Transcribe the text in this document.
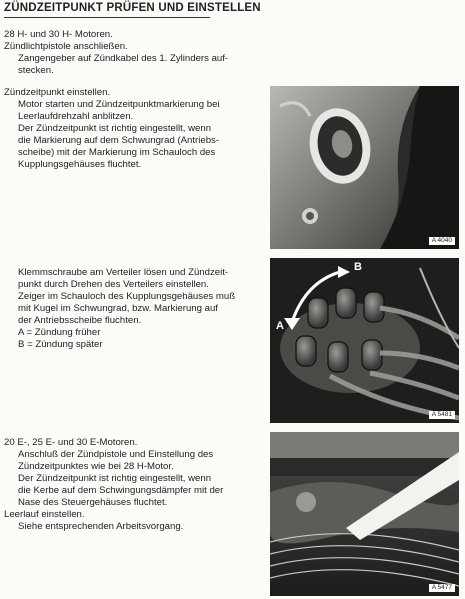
ZÜNDZEITPUNKT PRÜFEN UND EINSTELLEN

28 H- und 30 H- Motoren.

Zündlichtpistole anschließen.

Zangengeber auf Zündkabel des 1. Zylinders auf-

stecken.

Zündzeitpunkt einstellen.

Motor starten und Zündzeitpunktmarkierung bei

Leerlaufdrehzahl anblitzen.

Der Zündzeitpunkt ist richtig eingestellt, wenn

die Markierung auf dem Schwungrad (Antriebs-

scheibe) mit der Markierung im Schauloch des

Kupplungsgehäuses fluchtet.

A 4040

Klemmschraube am Verteiler lösen und Zündzeit-

punkt durch Drehen des Verteilers einstellen.

Zeiger im Schauloch des Kupplungsgehäuses muß

mit Kugel im Schwungrad, bzw. Markierung auf

der Antriebsscheibe fluchten.

A = Zündung früher

B = Zündung später

A
B
A 5481

20 E-, 25 E- und 30 E-Motoren.

Anschluß der Zündpistole und Einstellung des

Zündzeitpunktes wie bei 28 H-Motor.

Der Zündzeitpunkt ist richtig eingestellt, wenn

die Kerbe auf dem Schwingungsdämpfer mit der

Nase des Steuergehäuses fluchtet.

Leerlauf einstellen.

Siehe entsprechenden Arbeitsvorgang.

A 5477
